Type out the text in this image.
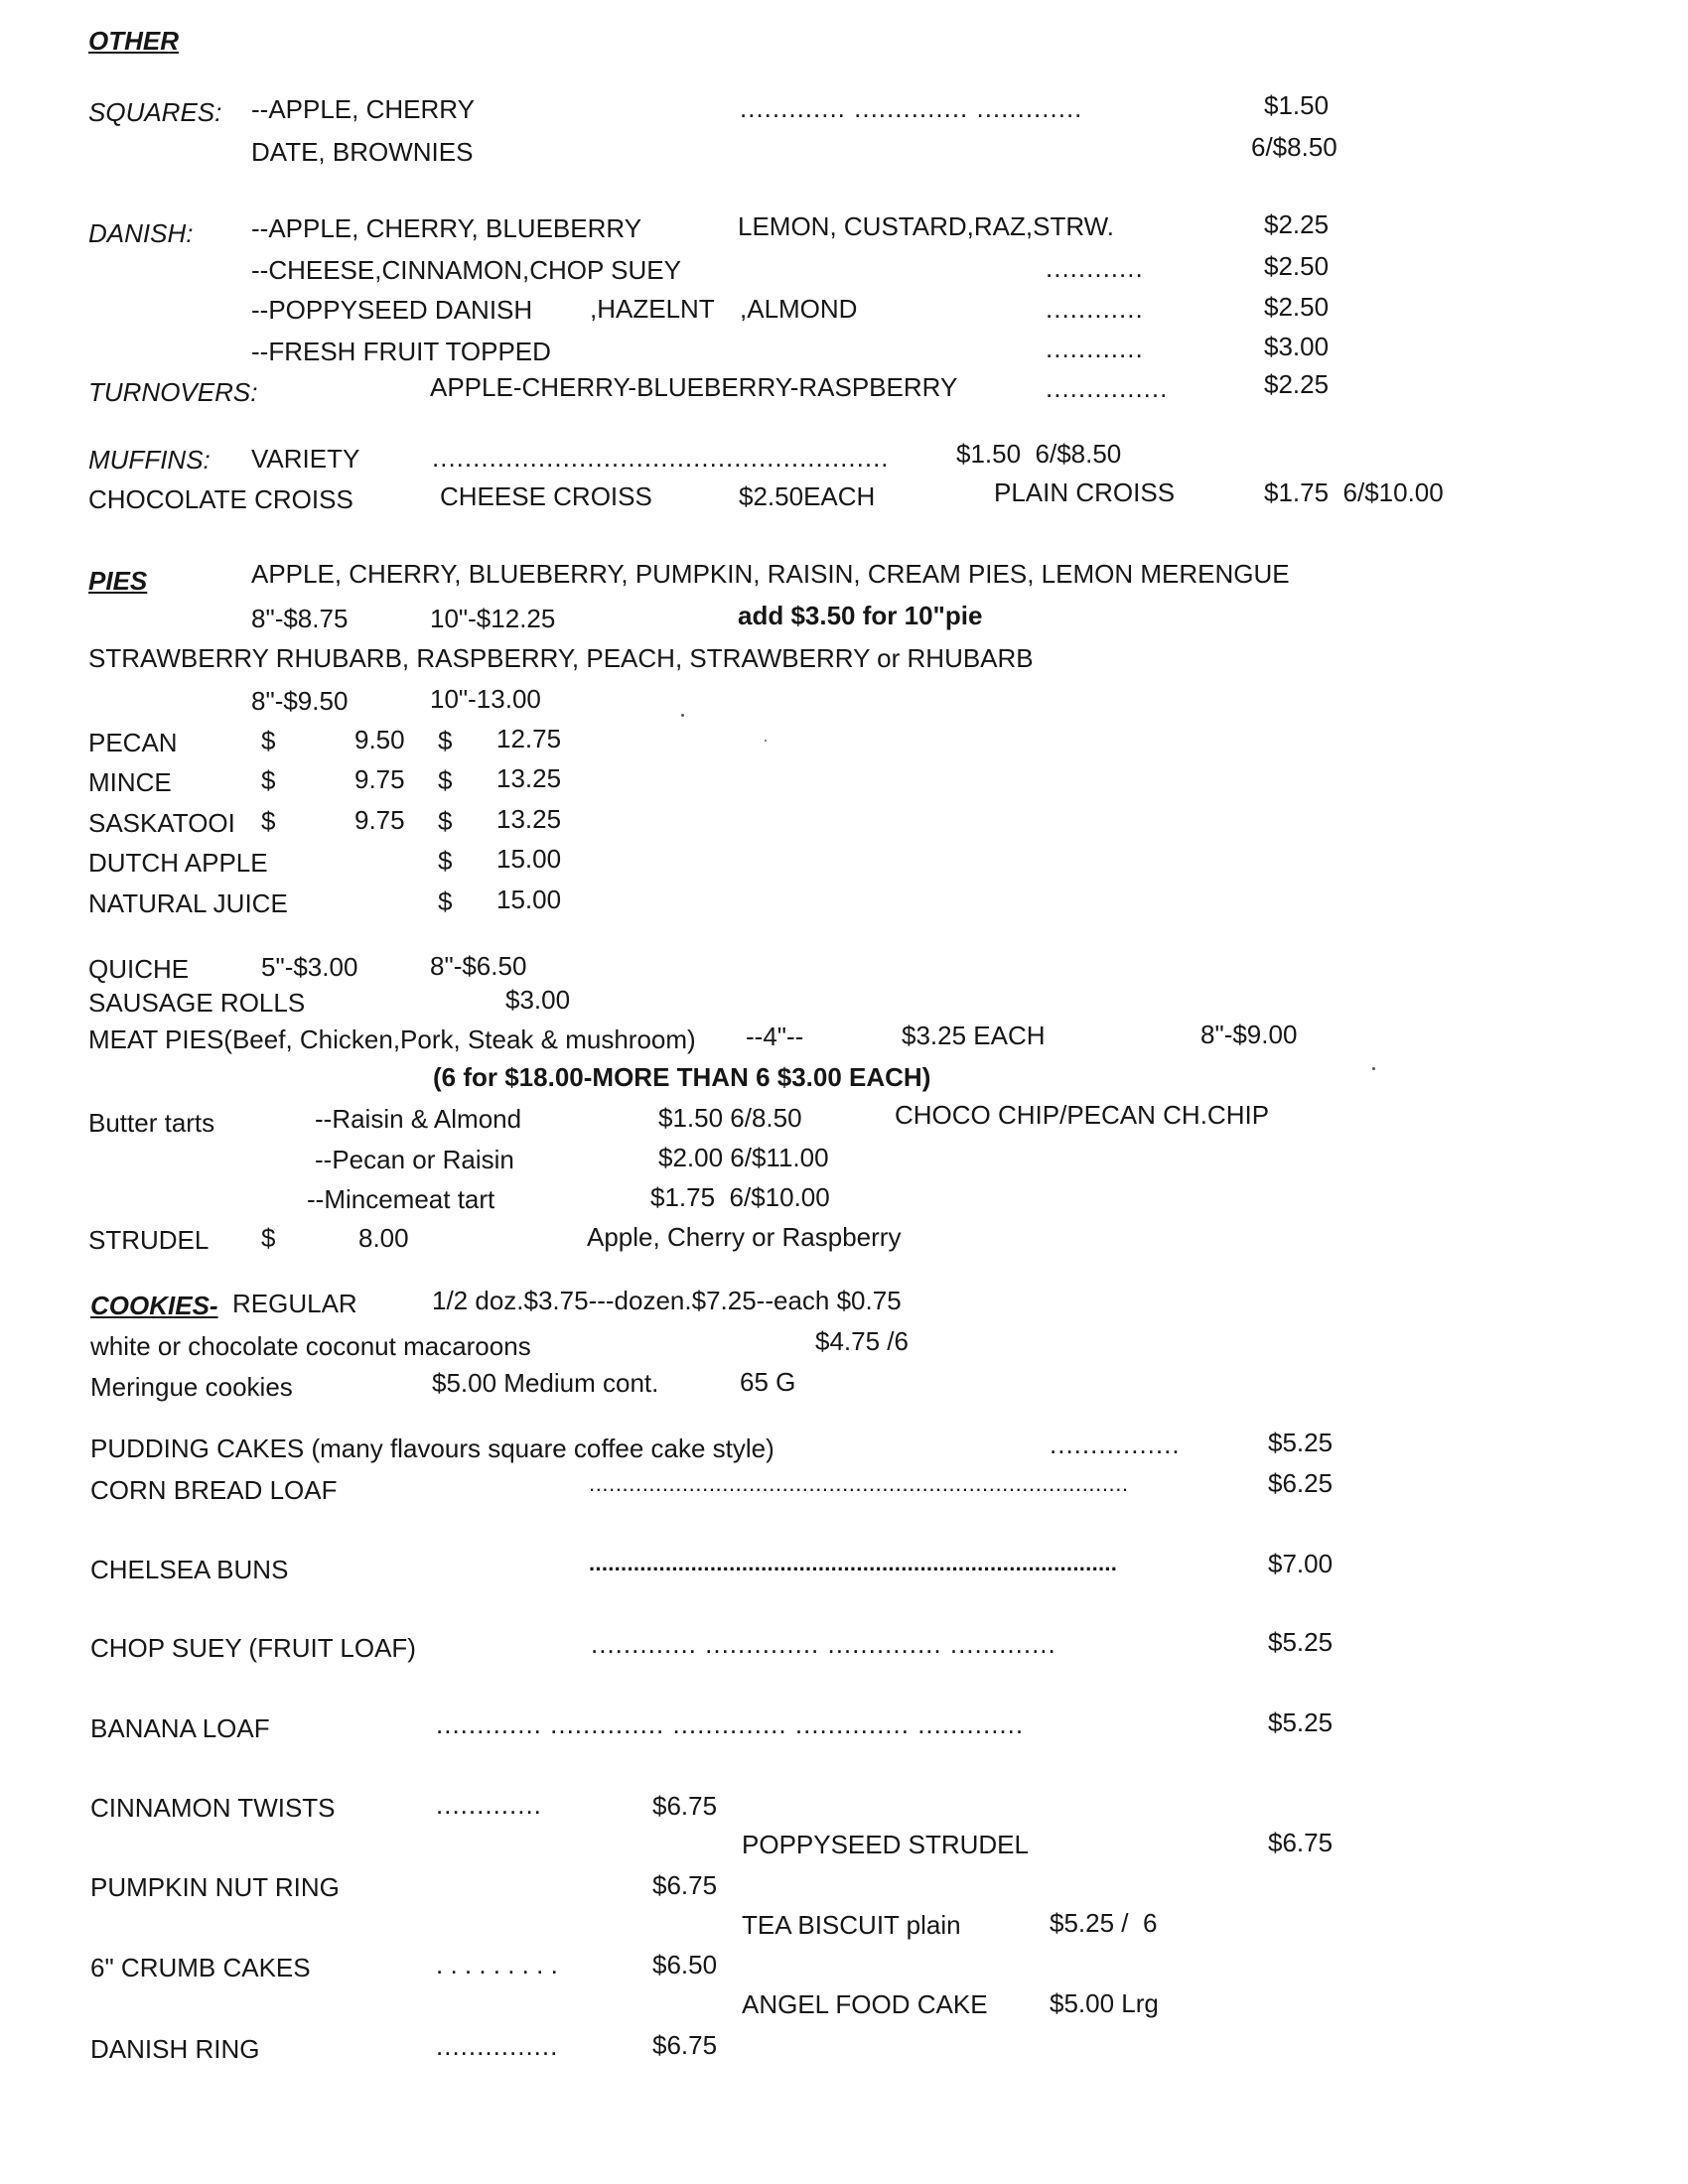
OTHER
SQUARES: --APPLE, CHERRY	............. .............. .............	$1.50
DATE, BROWNIES	6/$8.50
DANISH: --APPLE, CHERRY, BLUEBERRY	LEMON, CUSTARD,RAZ,STRW.	$2.25
--CHEESE,CINNAMON,CHOP SUEY	............	$2.50
--POPPYSEED DANISH ,HAZELNT ,ALMOND	............	$2.50
--FRESH FRUIT TOPPED	............	$3.00
TURNOVERS:	APPLE-CHERRY-BLUEBERRY-RASPBERRY	...............	$2.25
MUFFINS: VARIETY	........................................................	$1.50  6/$8.50
CHOCOLATE CROISS	CHEESE CROISS	$2.50EACH	PLAIN CROISS	$1.75  6/$10.00
PIES	APPLE, CHERRY, BLUEBERRY, PUMPKIN, RAISIN, CREAM PIES, LEMON MERENGUE
8"-$8.75	10"-$12.25	add $3.50 for 10"pie
STRAWBERRY RHUBARB, RASPBERRY, PEACH, STRAWBERRY or RHUBARB
8"-$9.50	10"-13.00
PECAN	$	9.50 $ 12.75
MINCE	$	9.75 $ 13.25
SASKATOOI $	9.75 $ 13.25
DUTCH APPLE	$ 15.00
NATURAL JUICE	$ 15.00
QUICHE	5"-$3.00	8"-$6.50
SAUSAGE ROLLS	$3.00
MEAT PIES(Beef, Chicken,Pork, Steak & mushroom) --4"--	$3.25 EACH	8"-$9.00
(6 for $18.00-MORE THAN 6 $3.00 EACH)
Butter tarts	--Raisin & Almond	$1.50 6/8.50	CHOCO CHIP/PECAN CH.CHIP
--Pecan or Raisin	$2.00 6/$11.00
--Mincemeat tart	$1.75  6/$10.00
STRUDEL $	8.00	Apple, Cherry or Raspberry
COOKIES- REGULAR	1/2 doz.$3.75---dozen.$7.25--each $0.75
white or chocolate coconut macaroons	$4.75 /6
Meringue cookies	$5.00 Medium cont.	65 G
PUDDING CAKES (many flavours square coffee cake style)	................	$5.25
CORN BREAD LOAF	.................................................................................	$6.25
CHELSEA BUNS	...................................................................................	$7.00
CHOP SUEY (FRUIT LOAF)	............. .............. .............. .............	$5.25
BANANA LOAF	............. .............. .............. .............. .............	$5.25
CINNAMON TWISTS	.............	$6.75
POPPYSEED STRUDEL	$6.75
PUMPKIN NUT RING	$6.75
TEA BISCUIT plain	$5.25 /  6
6" CRUMB CAKES	. . . . . . . . .	$6.50
ANGEL FOOD CAKE $5.00 Lrg
DANISH RING	...............	$6.75
